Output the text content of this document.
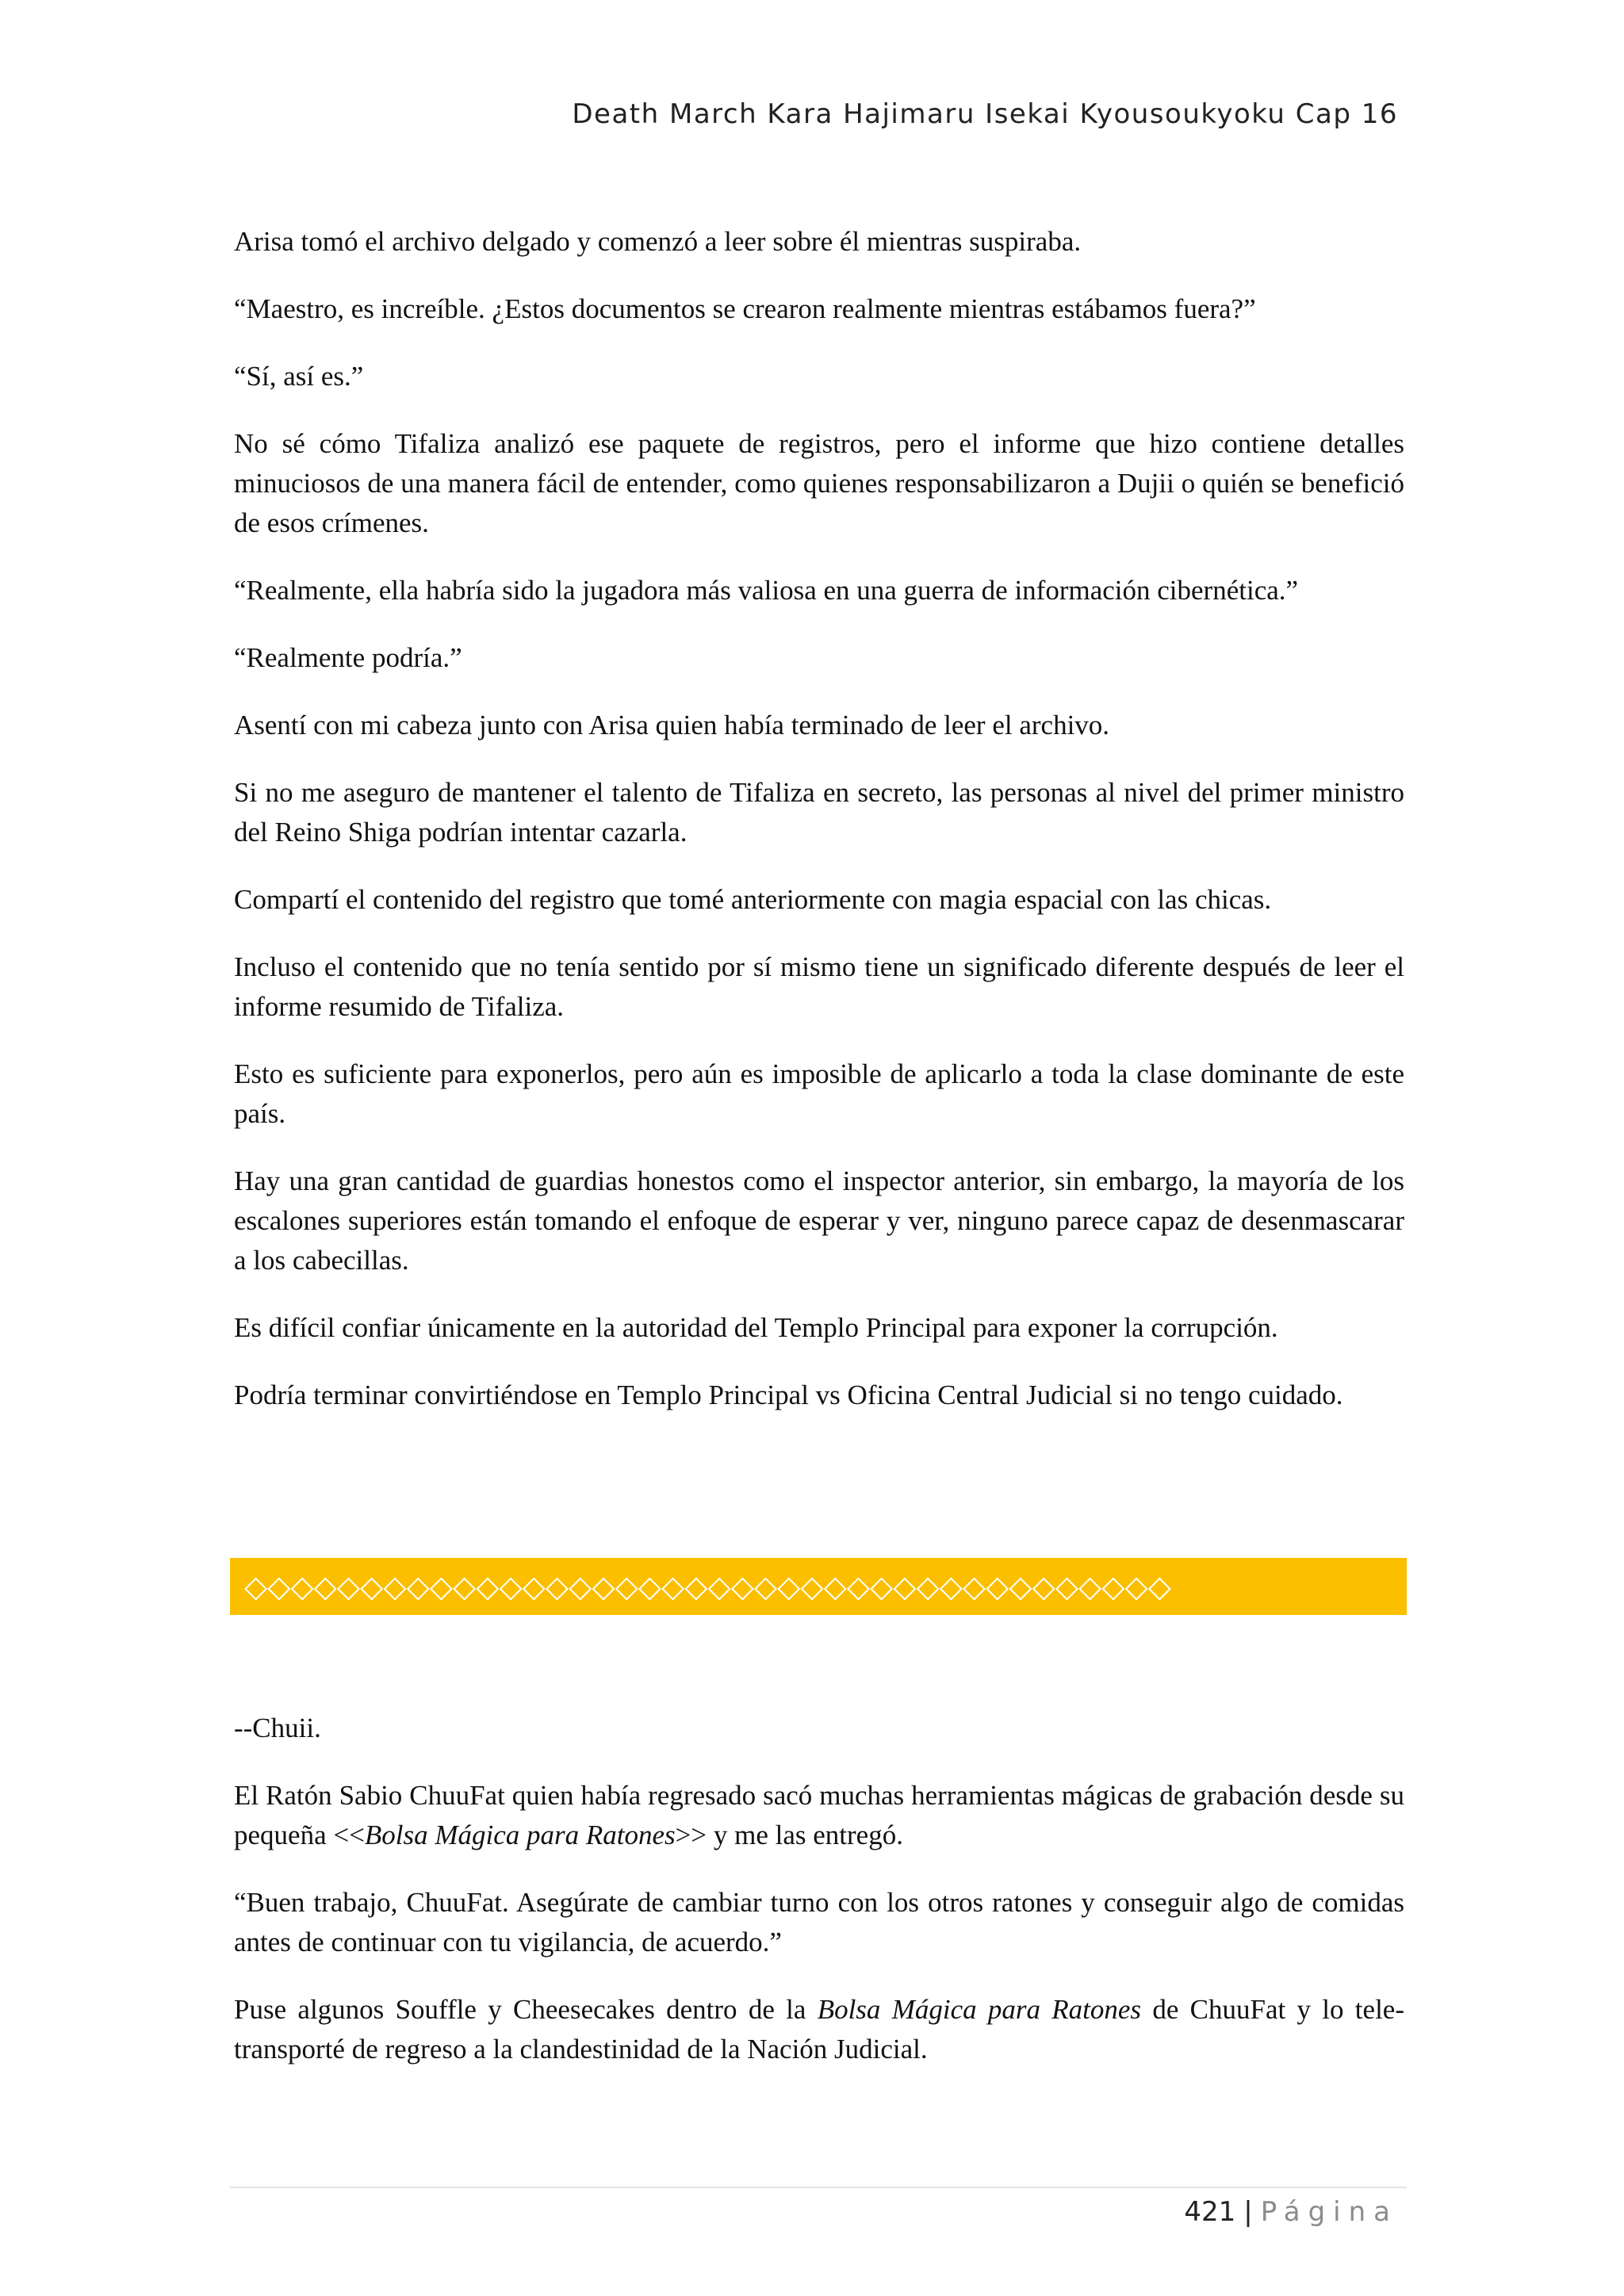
Death March Kara Hajimaru Isekai Kyousoukyoku Cap 16

Arisa tomó el archivo delgado y comenzó a leer sobre él mientras suspiraba.

“Maestro, es increíble. ¿Estos documentos se crearon realmente mientras estábamos fuera?”

“Sí, así es.”

No sé cómo Tifaliza analizó ese paquete de registros, pero el informe que hizo contiene detalles minuciosos de una manera fácil de entender, como quienes responsabilizaron a Dujii o quién se benefició de esos crímenes.

“Realmente, ella habría sido la jugadora más valiosa en una guerra de información cibernética.”

“Realmente podría.”

Asentí con mi cabeza junto con Arisa quien había terminado de leer el archivo.

Si no me aseguro de mantener el talento de Tifaliza en secreto, las personas al nivel del primer ministro del Reino Shiga podrían intentar cazarla.

Compartí el contenido del registro que tomé anteriormente con magia espacial con las chicas.

Incluso el contenido que no tenía sentido por sí mismo tiene un significado diferente después de leer el informe resumido de Tifaliza.

Esto es suficiente para exponerlos, pero aún es imposible de aplicarlo a toda la clase dominante de este país.

Hay una gran cantidad de guardias honestos como el inspector anterior, sin embargo, la mayoría de los escalones superiores están tomando el enfoque de esperar y ver, ninguno parece capaz de desenmascarar a los cabecillas.

Es difícil confiar únicamente en la autoridad del Templo Principal para exponer la corrupción.

Podría terminar convirtiéndose en Templo Principal vs Oficina Central Judicial si no tengo cuidado.

◇◇◇◇◇◇◇◇◇◇◇◇◇◇◇◇◇◇◇◇◇◇◇◇◇◇◇◇◇◇◇◇◇◇◇◇◇◇◇◇

--Chuii.

El Ratón Sabio ChuuFat quien había regresado sacó muchas herramientas mágicas de grabación desde su pequeña <<Bolsa Mágica para Ratones>> y me las entregó.

“Buen trabajo, ChuuFat. Asegúrate de cambiar turno con los otros ratones y conseguir algo de comidas antes de continuar con tu vigilancia, de acuerdo.”

Puse algunos Souffle y Cheesecakes dentro de la Bolsa Mágica para Ratones de ChuuFat y lo tele-transporté de regreso a la clandestinidad de la Nación Judicial.

421 | Página
